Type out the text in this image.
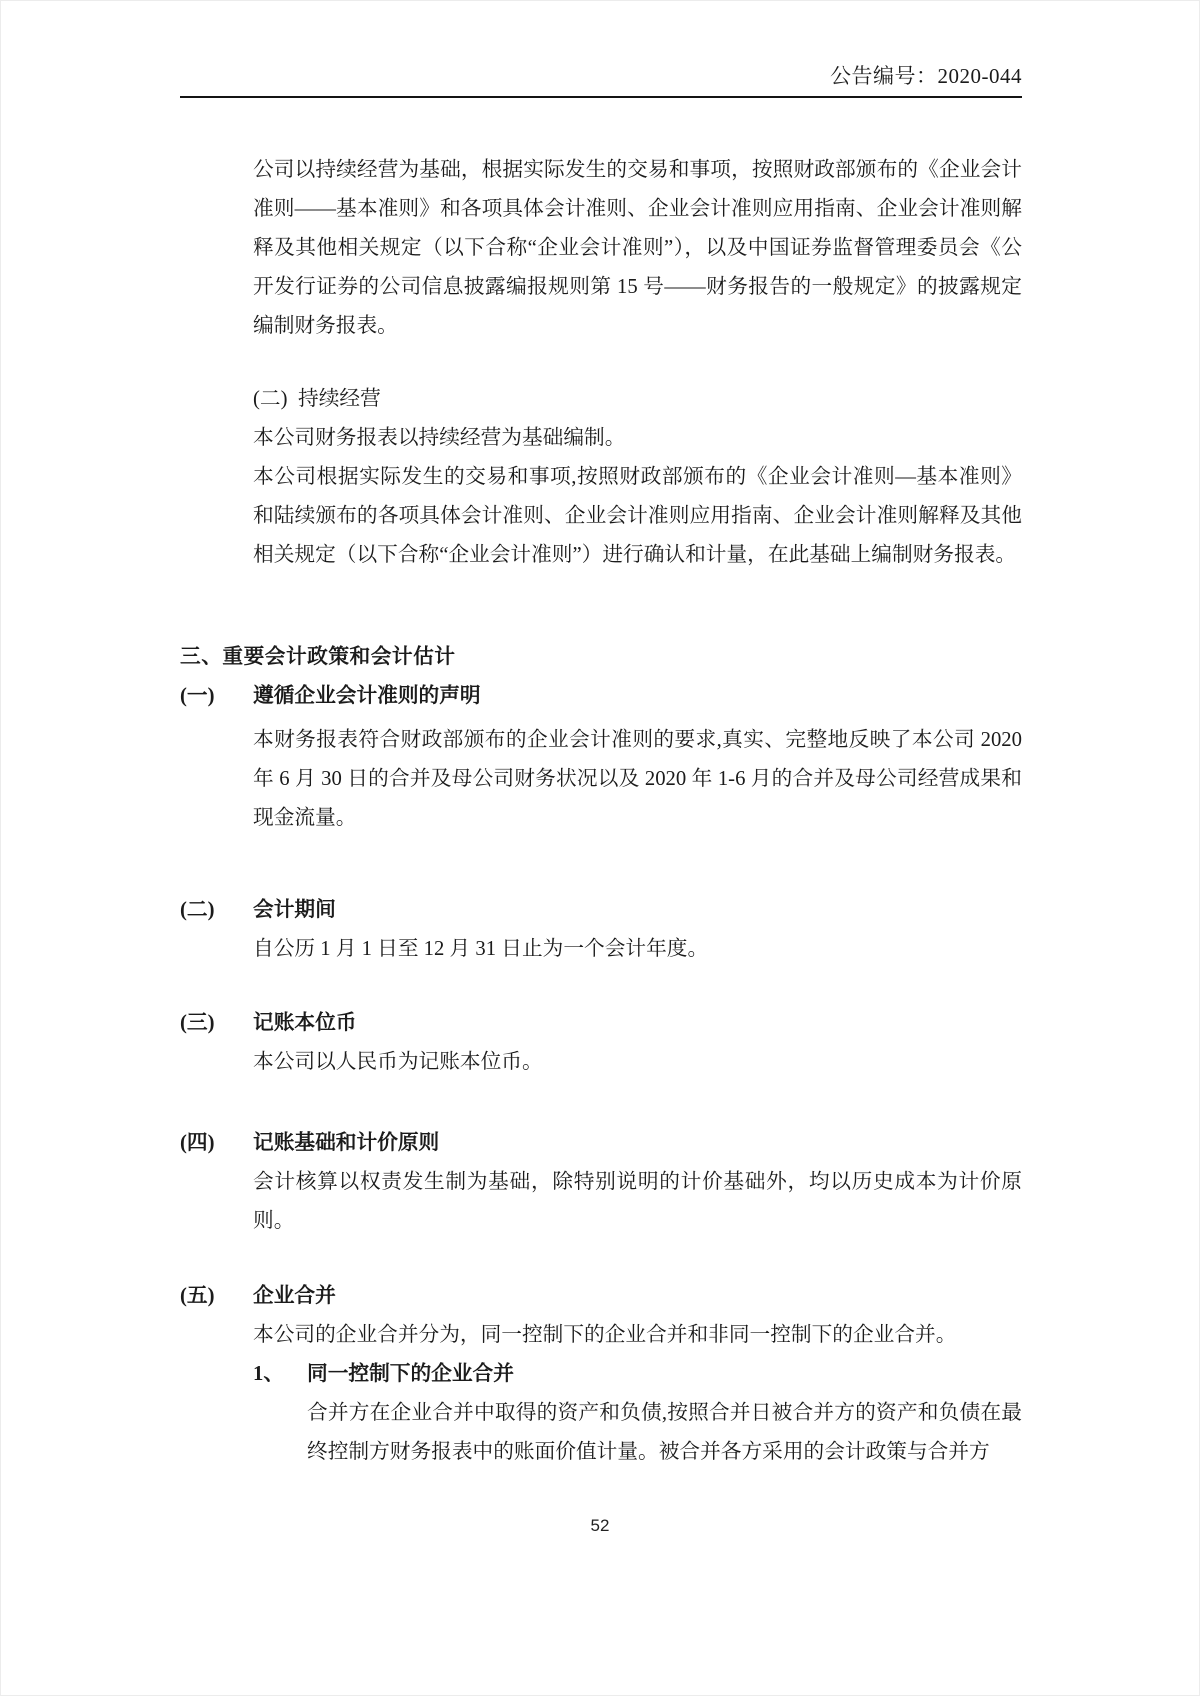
公告编号：2020-044
公司以持续经营为基础，根据实际发生的交易和事项，按照财政部颁布的《企业会计准则——基本准则》和各项具体会计准则、企业会计准则应用指南、企业会计准则解释及其他相关规定（以下合称“企业会计准则”），以及中国证券监督管理委员会《公开发行证券的公司信息披露编报规则第 15 号——财务报告的一般规定》的披露规定编制财务报表。
(二) 持续经营
本公司财务报表以持续经营为基础编制。
本公司根据实际发生的交易和事项,按照财政部颁布的《企业会计准则—基本准则》和陆续颁布的各项具体会计准则、企业会计准则应用指南、企业会计准则解释及其他相关规定（以下合称“企业会计准则”）进行确认和计量，在此基础上编制财务报表。
三、重要会计政策和会计估计
(一) 遵循企业会计准则的声明
本财务报表符合财政部颁布的企业会计准则的要求,真实、完整地反映了本公司 2020 年 6 月 30 日的合并及母公司财务状况以及 2020 年 1-6 月的合并及母公司经营成果和现金流量。
(二) 会计期间
自公历 1 月 1 日至 12 月 31 日止为一个会计年度。
(三) 记账本位币
本公司以人民币为记账本位币。
(四) 记账基础和计价原则
会计核算以权责发生制为基础，除特别说明的计价基础外，均以历史成本为计价原则。
(五) 企业合并
本公司的企业合并分为，同一控制下的企业合并和非同一控制下的企业合并。
1、 同一控制下的企业合并
合并方在企业合并中取得的资产和负债,按照合并日被合并方的资产和负债在最终控制方财务报表中的账面价值计量。被合并各方采用的会计政策与合并方
52
